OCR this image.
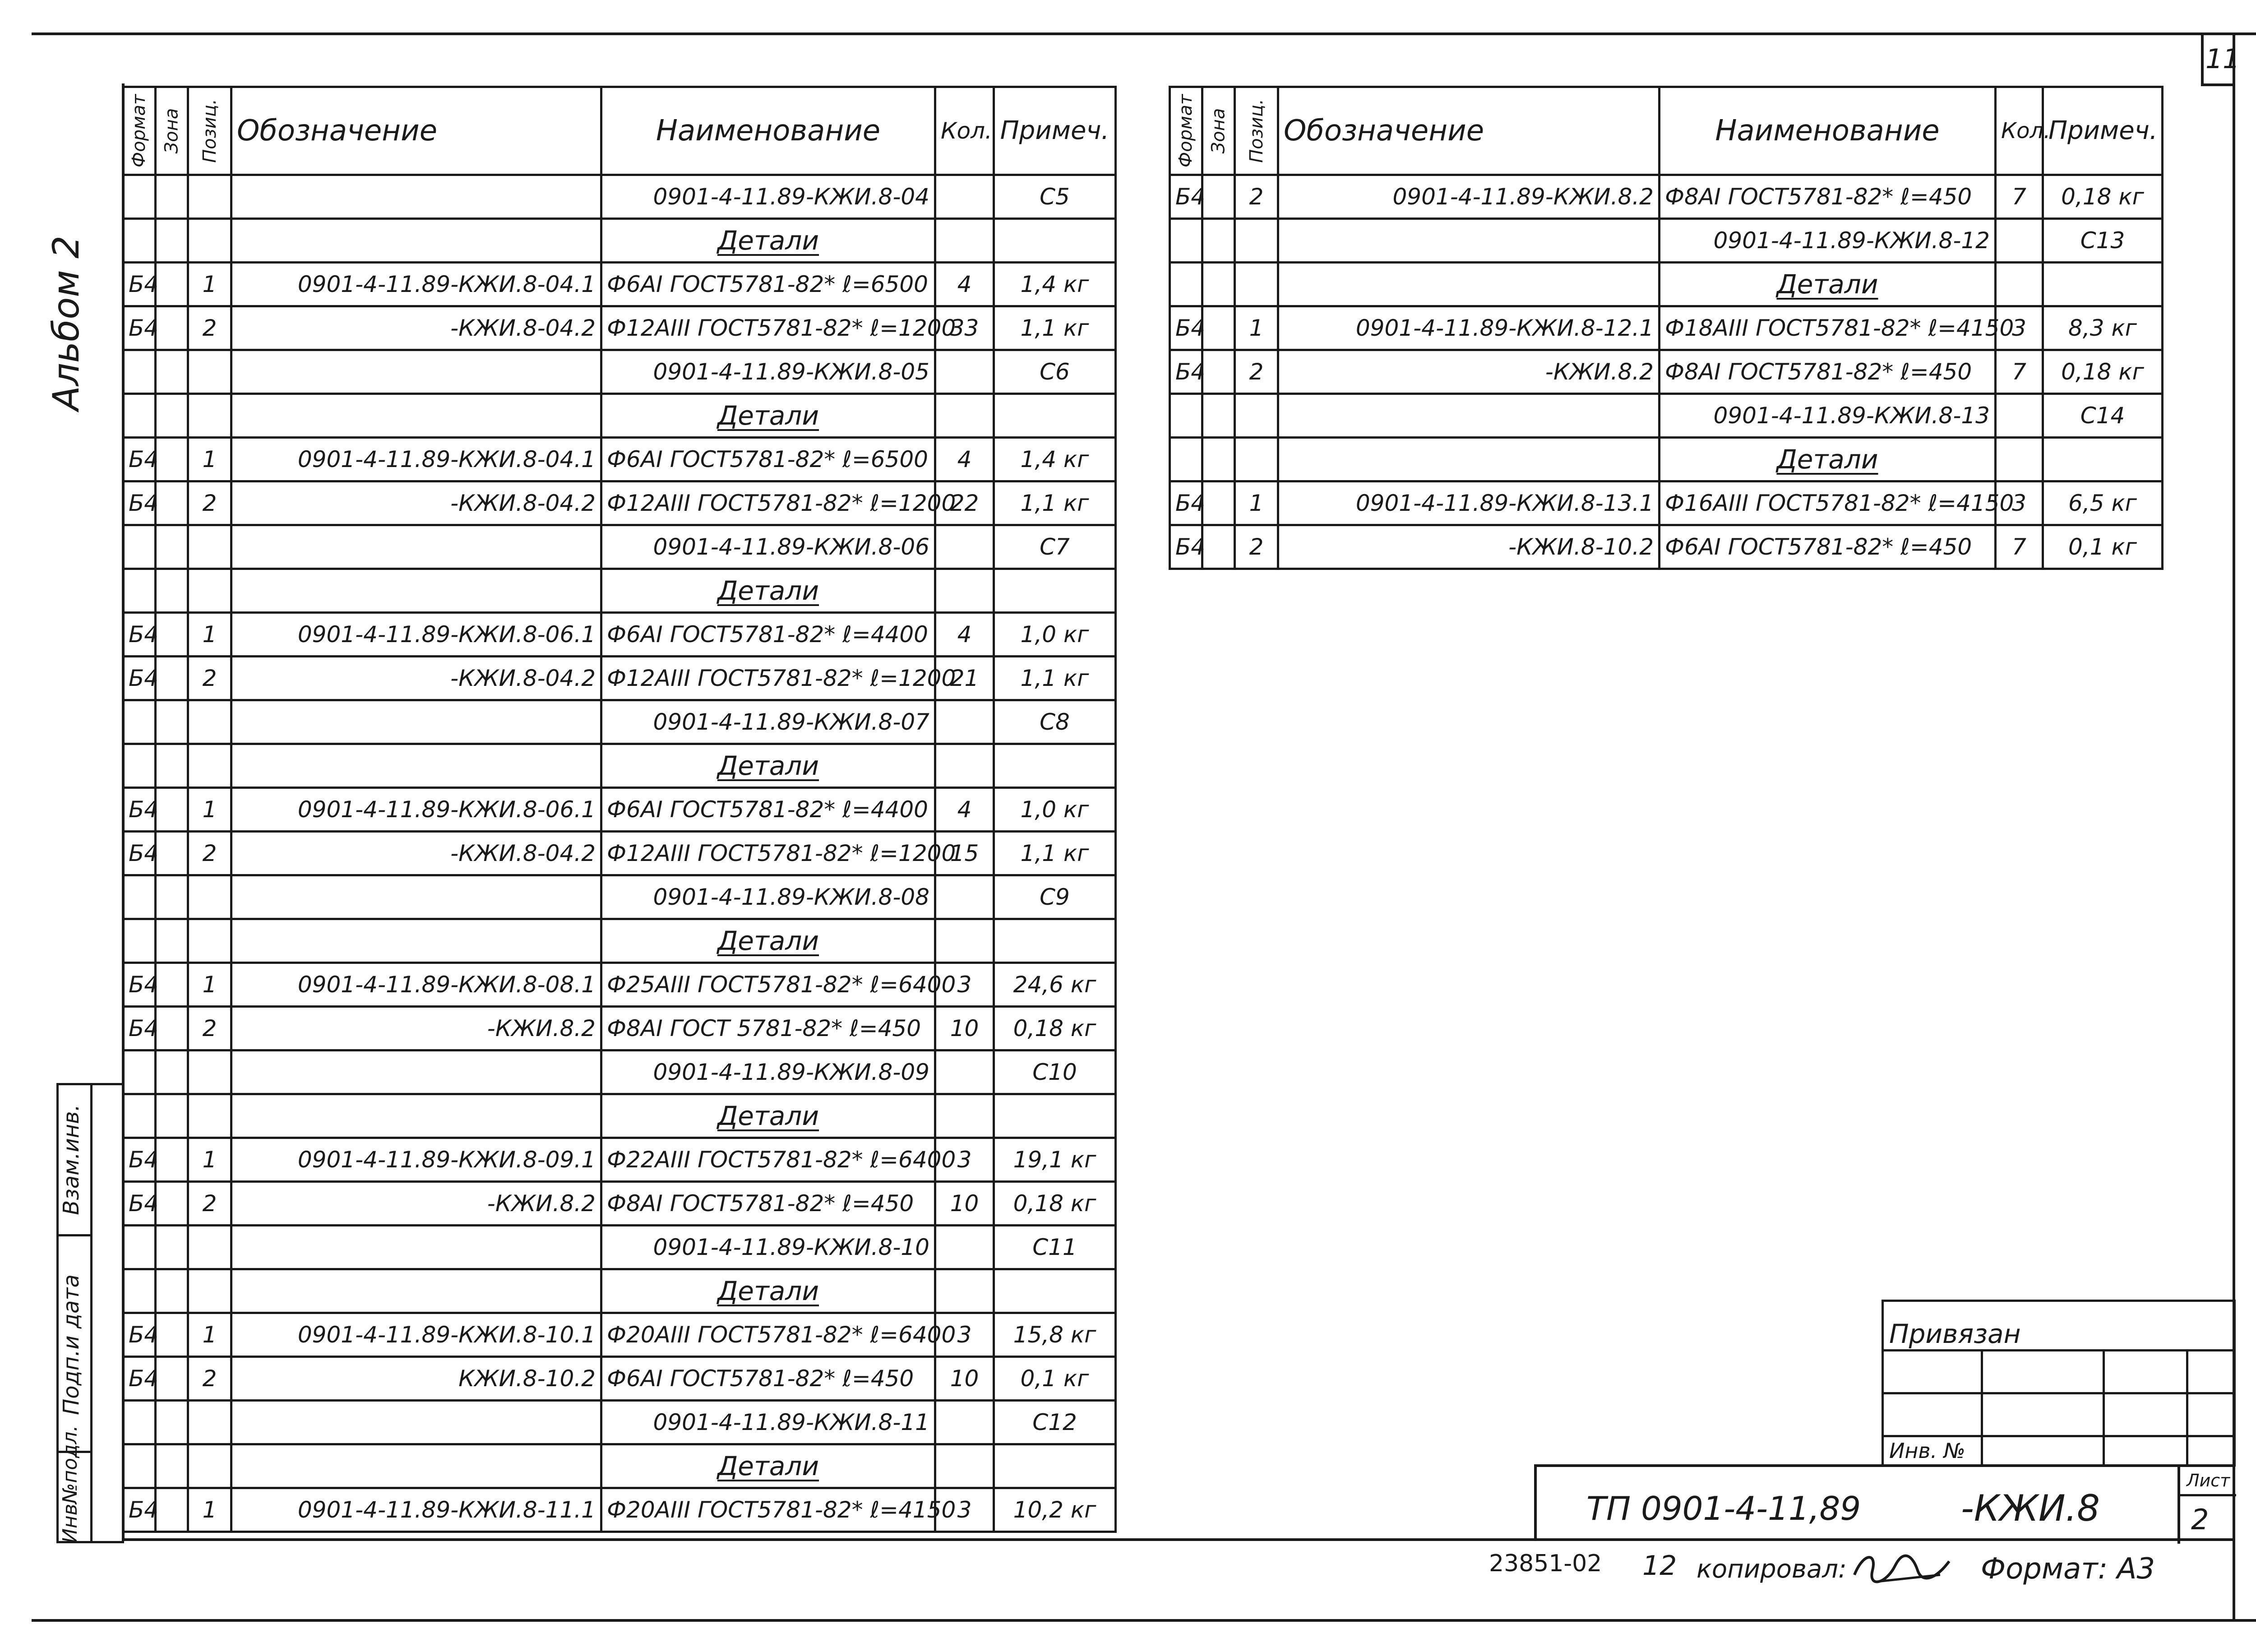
11
Альбом 2
Взам.инв.
Подп.и дата
Инв№подл.
Формат	Зона	Позиц.	Обозначение	Наименование	Кол.	Примеч.
				0901-4-11.89-КЖИ.8-04		С5
				Детали		
Б4		1	0901-4-11.89-КЖИ.8-04.1	Ф6АI ГОСТ5781-82* ℓ=6500	4	1,4 кг
Б4		2	-КЖИ.8-04.2	Ф12АIII ГОСТ5781-82* ℓ=1200	33	1,1 кг
				0901-4-11.89-КЖИ.8-05		С6
				Детали		
Б4		1	0901-4-11.89-КЖИ.8-04.1	Ф6АI ГОСТ5781-82* ℓ=6500	4	1,4 кг
Б4		2	-КЖИ.8-04.2	Ф12АIII ГОСТ5781-82* ℓ=1200	22	1,1 кг
				0901-4-11.89-КЖИ.8-06		С7
				Детали		
Б4		1	0901-4-11.89-КЖИ.8-06.1	Ф6АI ГОСТ5781-82* ℓ=4400	4	1,0 кг
Б4		2	-КЖИ.8-04.2	Ф12АIII ГОСТ5781-82* ℓ=1200	21	1,1 кг
				0901-4-11.89-КЖИ.8-07		С8
				Детали		
Б4		1	0901-4-11.89-КЖИ.8-06.1	Ф6АI ГОСТ5781-82* ℓ=4400	4	1,0 кг
Б4		2	-КЖИ.8-04.2	Ф12АIII ГОСТ5781-82* ℓ=1200	15	1,1 кг
				0901-4-11.89-КЖИ.8-08		С9
				Детали		
Б4		1	0901-4-11.89-КЖИ.8-08.1	Ф25АIII ГОСТ5781-82* ℓ=6400	3	24,6 кг
Б4		2	-КЖИ.8.2	Ф8АI ГОСТ 5781-82* ℓ=450	10	0,18 кг
				0901-4-11.89-КЖИ.8-09		С10
				Детали		
Б4		1	0901-4-11.89-КЖИ.8-09.1	Ф22АIII ГОСТ5781-82* ℓ=6400	3	19,1 кг
Б4		2	-КЖИ.8.2	Ф8АI ГОСТ5781-82* ℓ=450	10	0,18 кг
				0901-4-11.89-КЖИ.8-10		С11
				Детали		
Б4		1	0901-4-11.89-КЖИ.8-10.1	Ф20АIII ГОСТ5781-82* ℓ=6400	3	15,8 кг
Б4		2	КЖИ.8-10.2	Ф6АI ГОСТ5781-82* ℓ=450	10	0,1 кг
				0901-4-11.89-КЖИ.8-11		С12
				Детали		
Б4		1	0901-4-11.89-КЖИ.8-11.1	Ф20АIII ГОСТ5781-82* ℓ=4150	3	10,2 кг
Формат	Зона	Позиц.	Обозначение	Наименование	Кол.	Примеч.
Б4		2	0901-4-11.89-КЖИ.8.2	Ф8АI ГОСТ5781-82* ℓ=450	7	0,18 кг
				0901-4-11.89-КЖИ.8-12		С13
				Детали		
Б4		1	0901-4-11.89-КЖИ.8-12.1	Ф18АIII ГОСТ5781-82* ℓ=4150	3	8,3 кг
Б4		2	-КЖИ.8.2	Ф8АI ГОСТ5781-82* ℓ=450	7	0,18 кг
				0901-4-11.89-КЖИ.8-13		С14
				Детали		
Б4		1	0901-4-11.89-КЖИ.8-13.1	Ф16АIII ГОСТ5781-82* ℓ=4150	3	6,5 кг
Б4		2	-КЖИ.8-10.2	Ф6АI ГОСТ5781-82* ℓ=450	7	0,1 кг
Привязан			

Инв. №			
ТП 0901-4-11,89	-КЖИ.8
Лист
2
23851-02 12 копировал:	Формат: А3
